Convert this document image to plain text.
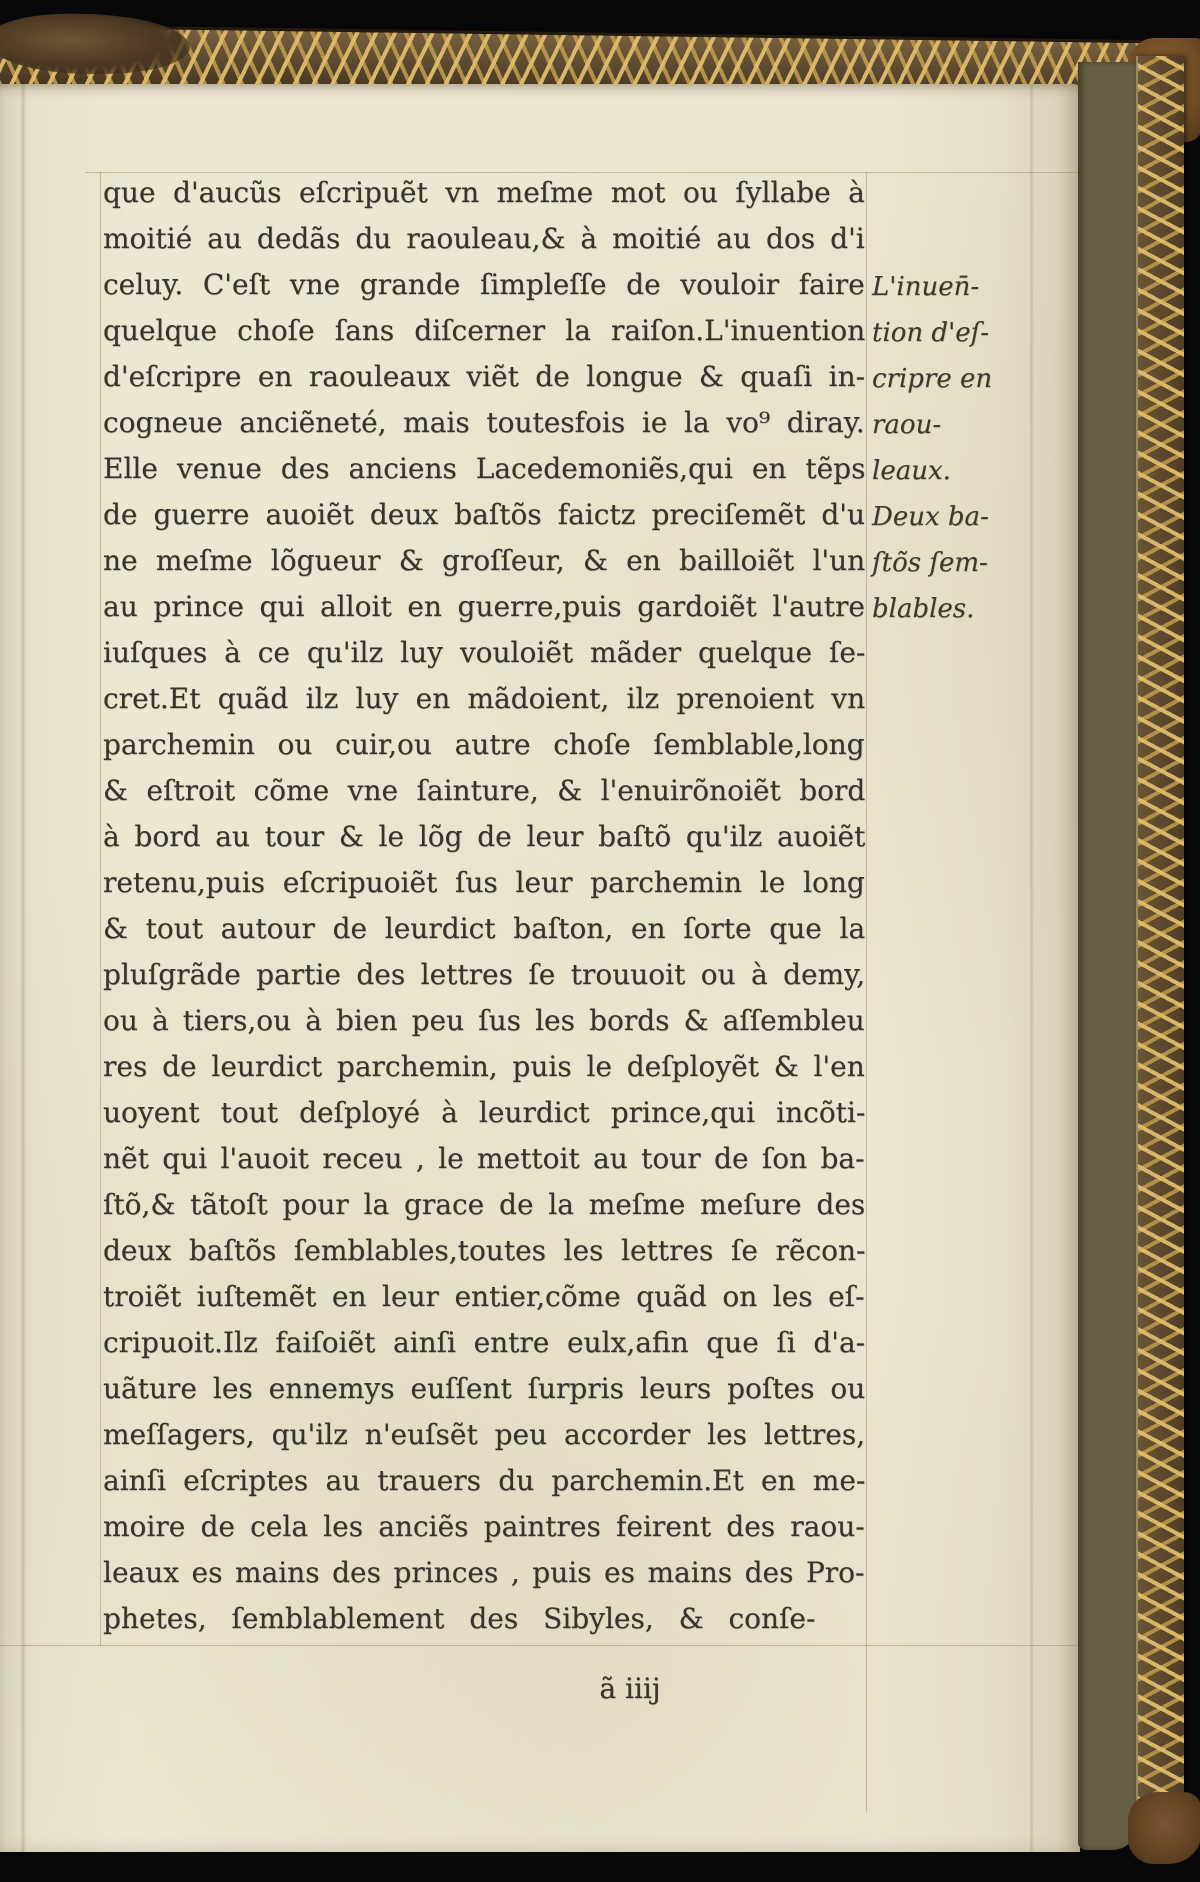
que d'aucũs eſcripuẽt vn meſme mot ou ſyllabe à
moitié au dedãs du raouleau,& à moitié au dos d'i
celuy. C'eſt vne grande ſimpleſſe de vouloir faire
quelque choſe ſans diſcerner la raiſon.L'inuention
d'eſcripre en raouleaux viẽt de longue & quaſi in-
cogneue anciẽneté, mais toutesfois ie la vo⁹ diray.
Elle venue des anciens Lacedemoniẽs,qui en tẽps
de guerre auoiẽt deux baſtõs faictz preciſemẽt d'u
ne meſme lõgueur & groſſeur, & en bailloiẽt l'un
au prince qui alloit en guerre,puis gardoiẽt l'autre
iuſques à ce qu'ilz luy vouloiẽt mãder quelque ſe-
cret.Et quãd ilz luy en mãdoient, ilz prenoient vn
parchemin ou cuir,ou autre choſe ſemblable,long
& eſtroit cõme vne ſainture, & l'enuirõnoiẽt bord
à bord au tour & le lõg de leur baſtõ qu'ilz auoiẽt
retenu,puis eſcripuoiẽt ſus leur parchemin le long
& tout autour de leurdict baſton, en ſorte que la
pluſgrãde partie des lettres ſe trouuoit ou à demy,
ou à tiers,ou à bien peu ſus les bords & aſſembleu
res de leurdict parchemin, puis le deſployẽt & l'en
uoyent tout deſployé à leurdict prince,qui incõti-
nẽt qui l'auoit receu , le mettoit au tour de ſon ba-
ſtõ,& tãtoſt pour la grace de la meſme meſure des
deux baſtõs ſemblables,toutes les lettres ſe rẽcon-
troiẽt iuſtemẽt en leur entier,cõme quãd on les eſ-
cripuoit.Ilz faiſoiẽt ainſi entre eulx,afin que ſi d'a-
uãture les ennemys euſſent ſurpris leurs poſtes ou
meſſagers, qu'ilz n'euſsẽt peu accorder les lettres,
ainſi eſcriptes au trauers du parchemin.Et en me-
moire de cela les anciẽs paintres feirent des raou-
leaux es mains des princes , puis es mains des Pro-
phetes, ſemblablement des Sibyles, & conſe-
L'inuen̄-
tion d'eſ-
cripre en
raou-
leaux.
Deux ba-
ſtõs ſem-
blables.
ã iiij
